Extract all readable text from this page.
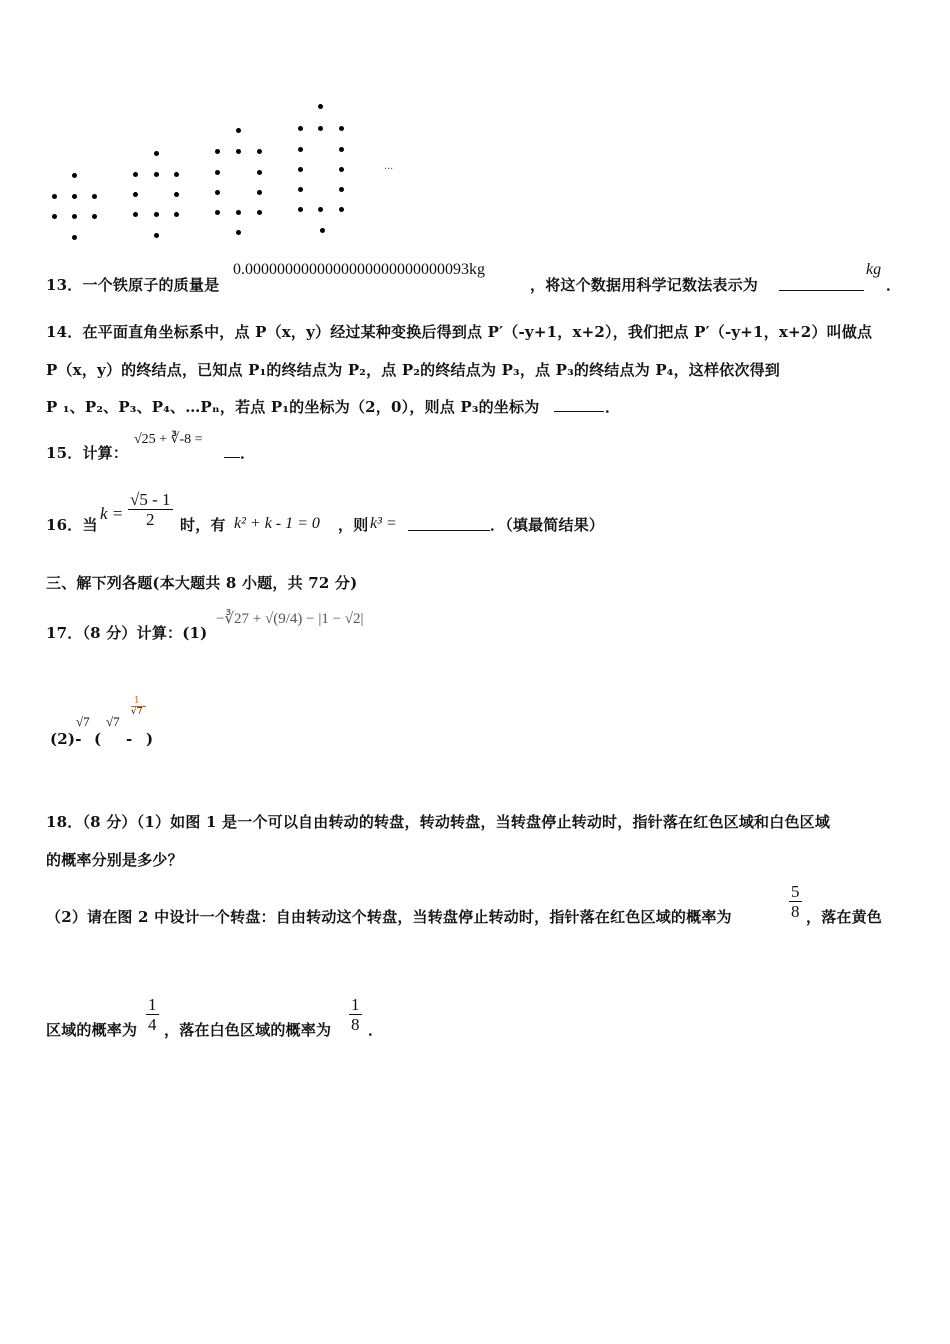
...
13．一个铁原子的质量是
0.0000000000000000000000000093kg
，将这个数据用科学记数法表示为
kg
．
14．在平面直角坐标系中，点 P（x，y）经过某种变换后得到点 P′（-y+1，x+2），我们把点 P′（-y+1，x+2）叫做点
P（x，y）的终结点，已知点 P₁的终结点为 P₂，点 P₂的终结点为 P₃，点 P₃的终结点为 P₄，这样依次得到
P ₁、P₂、P₃、P₄、…Pₙ，若点 P₁的坐标为（2，0），则点 P₃的坐标为	．
15．计算：
√25 + ∛-8 =
．
16．当
$k = \frac{√5 - 1}{2}$ 时，有 k² + k - 1 = 0 ，则 k³ =	．（填最简结果）
三、解下列各题(本大题共 8 小题，共 72 分)
17．（8 分）计算：(1)
−∛27 + √(9/4) − |1 − √2|
(2)-
√7
(
√7
-
1
√7
)
18．（8 分）（1）如图 1 是一个可以自由转动的转盘，转动转盘，当转盘停止转动时，指针落在红色区域和白色区域
的概率分别是多少？
（2）请在图 2 中设计一个转盘：自由转动这个转盘，当转盘停止转动时，指针落在红色区域的概率为	$\frac{5}{8}$ ，落在黄色
区域的概率为 $\frac{1}{4}$ ，落在白色区域的概率为 $\frac{1}{8}$ ．
